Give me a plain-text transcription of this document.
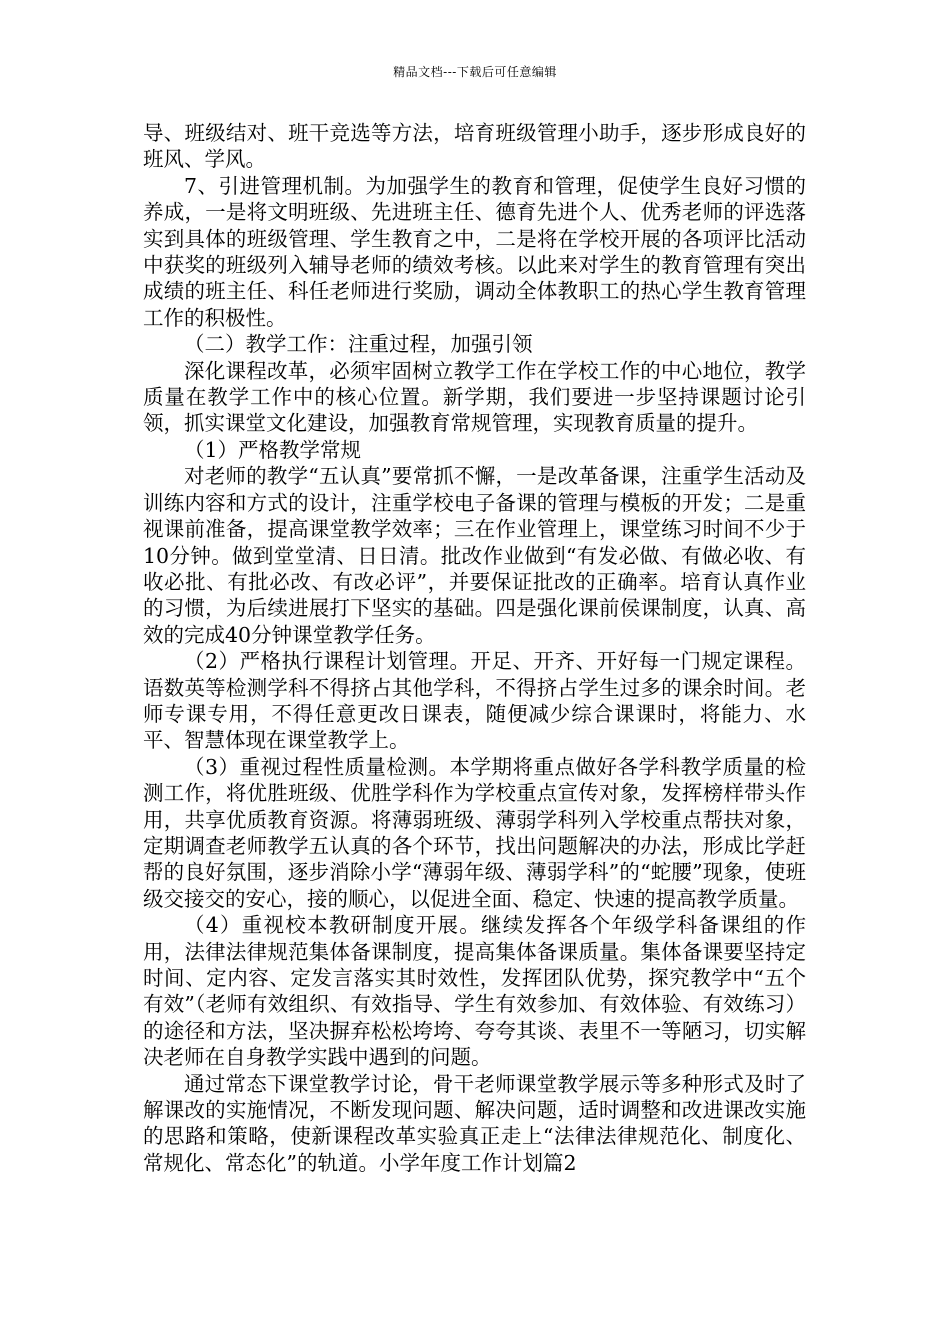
精品文档---下载后可任意编辑

导、班级结对、班干竞选等方法，培育班级管理小助手，逐步形成良好的班风、学风。

7、引进管理机制。为加强学生的教育和管理，促使学生良好习惯的养成，一是将文明班级、先进班主任、德育先进个人、优秀老师的评选落实到具体的班级管理、学生教育之中，二是将在学校开展的各项评比活动中获奖的班级列入辅导老师的绩效考核。以此来对学生的教育管理有突出成绩的班主任、科任老师进行奖励，调动全体教职工的热心学生教育管理工作的积极性。

（二）教学工作：注重过程，加强引领

深化课程改革，必须牢固树立教学工作在学校工作的中心地位，教学质量在教学工作中的核心位置。新学期，我们要进一步坚持课题讨论引领，抓实课堂文化建设，加强教育常规管理，实现教育质量的提升。

（1）严格教学常规

对老师的教学“五认真”要常抓不懈，一是改革备课，注重学生活动及训练内容和方式的设计，注重学校电子备课的管理与模板的开发；二是重视课前准备，提高课堂教学效率；三在作业管理上，课堂练习时间不少于10分钟。做到堂堂清、日日清。批改作业做到“有发必做、有做必收、有收必批、有批必改、有改必评”，并要保证批改的正确率。培育认真作业的习惯，为后续进展打下坚实的基础。四是强化课前侯课制度，认真、高效的完成40分钟课堂教学任务。

（2）严格执行课程计划管理。开足、开齐、开好每一门规定课程。语数英等检测学科不得挤占其他学科，不得挤占学生过多的课余时间。老师专课专用，不得任意更改日课表，随便减少综合课课时，将能力、水平、智慧体现在课堂教学上。

（3）重视过程性质量检测。本学期将重点做好各学科教学质量的检测工作，将优胜班级、优胜学科作为学校重点宣传对象，发挥榜样带头作用，共享优质教育资源。将薄弱班级、薄弱学科列入学校重点帮扶对象，定期调查老师教学五认真的各个环节，找出问题解决的办法，形成比学赶帮的良好氛围，逐步消除小学“薄弱年级、薄弱学科”的“蛇腰”现象，使班级交接交的安心，接的顺心，以促进全面、稳定、快速的提高教学质量。

（4）重视校本教研制度开展。继续发挥各个年级学科备课组的作用，法律法律规范集体备课制度，提高集体备课质量。集体备课要坚持定时间、定内容、定发言落实其时效性，发挥团队优势，探究教学中“五个有效”（老师有效组织、有效指导、学生有效参加、有效体验、有效练习）的途径和方法，坚决摒弃松松垮垮、夸夸其谈、表里不一等陋习，切实解决老师在自身教学实践中遇到的问题。

通过常态下课堂教学讨论，骨干老师课堂教学展示等多种形式及时了解课改的实施情况，不断发现问题、解决问题，适时调整和改进课改实施的思路和策略，使新课程改革实验真正走上“法律法律规范化、制度化、常规化、常态化”的轨道。小学年度工作计划篇2
